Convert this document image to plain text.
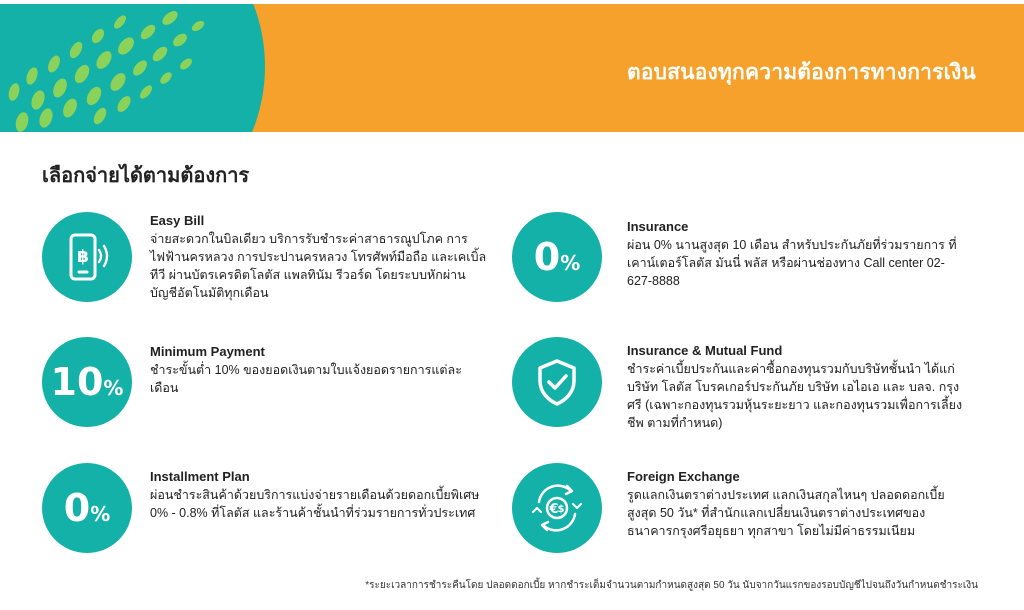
ตอบสนองทุกความต้องการทางการเงิน
เลือกจ่ายได้ตามต้องการ
฿
Easy Bill
จ่ายสะดวกในบิลเดียว บริการรับชำระค่าสาธารณูปโภค การไฟฟ้านครหลวง การประปานครหลวง โทรศัพท์มือถือ และเคเบิ้ลทีวี ผ่านบัตรเครดิตโลตัส แพลทินัม รีวอร์ด โดยระบบหักผ่านบัญชีอัตโนมัติทุกเดือน
0%
Insurance
ผ่อน 0% นานสูงสุด 10 เดือน สำหรับประกันภัยที่ร่วมรายการ ที่เคาน์เตอร์โลตัส มันนี่ พลัส หรือผ่านช่องทาง Call center 02-627-8888
10%
Minimum Payment
ชำระขั้นต่ำ 10% ของยอดเงินตามใบแจ้งยอดรายการแต่ละเดือน
Insurance & Mutual Fund
ชำระค่าเบี้ยประกันและค่าซื้อกองทุนรวมกับบริษัทชั้นนำ ได้แก่ บริษัท โลตัส โบรคเกอร์ประกันภัย บริษัท เอไอเอ และ บลจ. กรุงศรี (เฉพาะกองทุนรวมหุ้นระยะยาว และกองทุนรวมเพื่อการเลี้ยงชีพ ตามที่กำหนด)
0%
Installment Plan
ผ่อนชำระสินค้าด้วยบริการแบ่งจ่ายรายเดือนด้วยดอกเบี้ยพิเศษ 0% - 0.8% ที่โลตัส และร้านค้าชั้นนำที่ร่วมรายการทั่วประเทศ	€
$
Foreign Exchange
รูดแลกเงินตราต่างประเทศ แลกเงินสกุลไหนๆ ปลอดดอกเบี้ย สูงสุด 50 วัน* ที่สำนักแลกเปลี่ยนเงินตราต่างประเทศของธนาคารกรุงศรีอยุธยา ทุกสาขา โดยไม่มีค่าธรรมเนียม
*ระยะเวลาการชำระคืนโดย ปลอดดอกเบี้ย หากชำระเต็มจำนวนตามกำหนดสูงสุด 50 วัน นับจากวันแรกของรอบบัญชีไปจนถึงวันกำหนดชำระเงิน
